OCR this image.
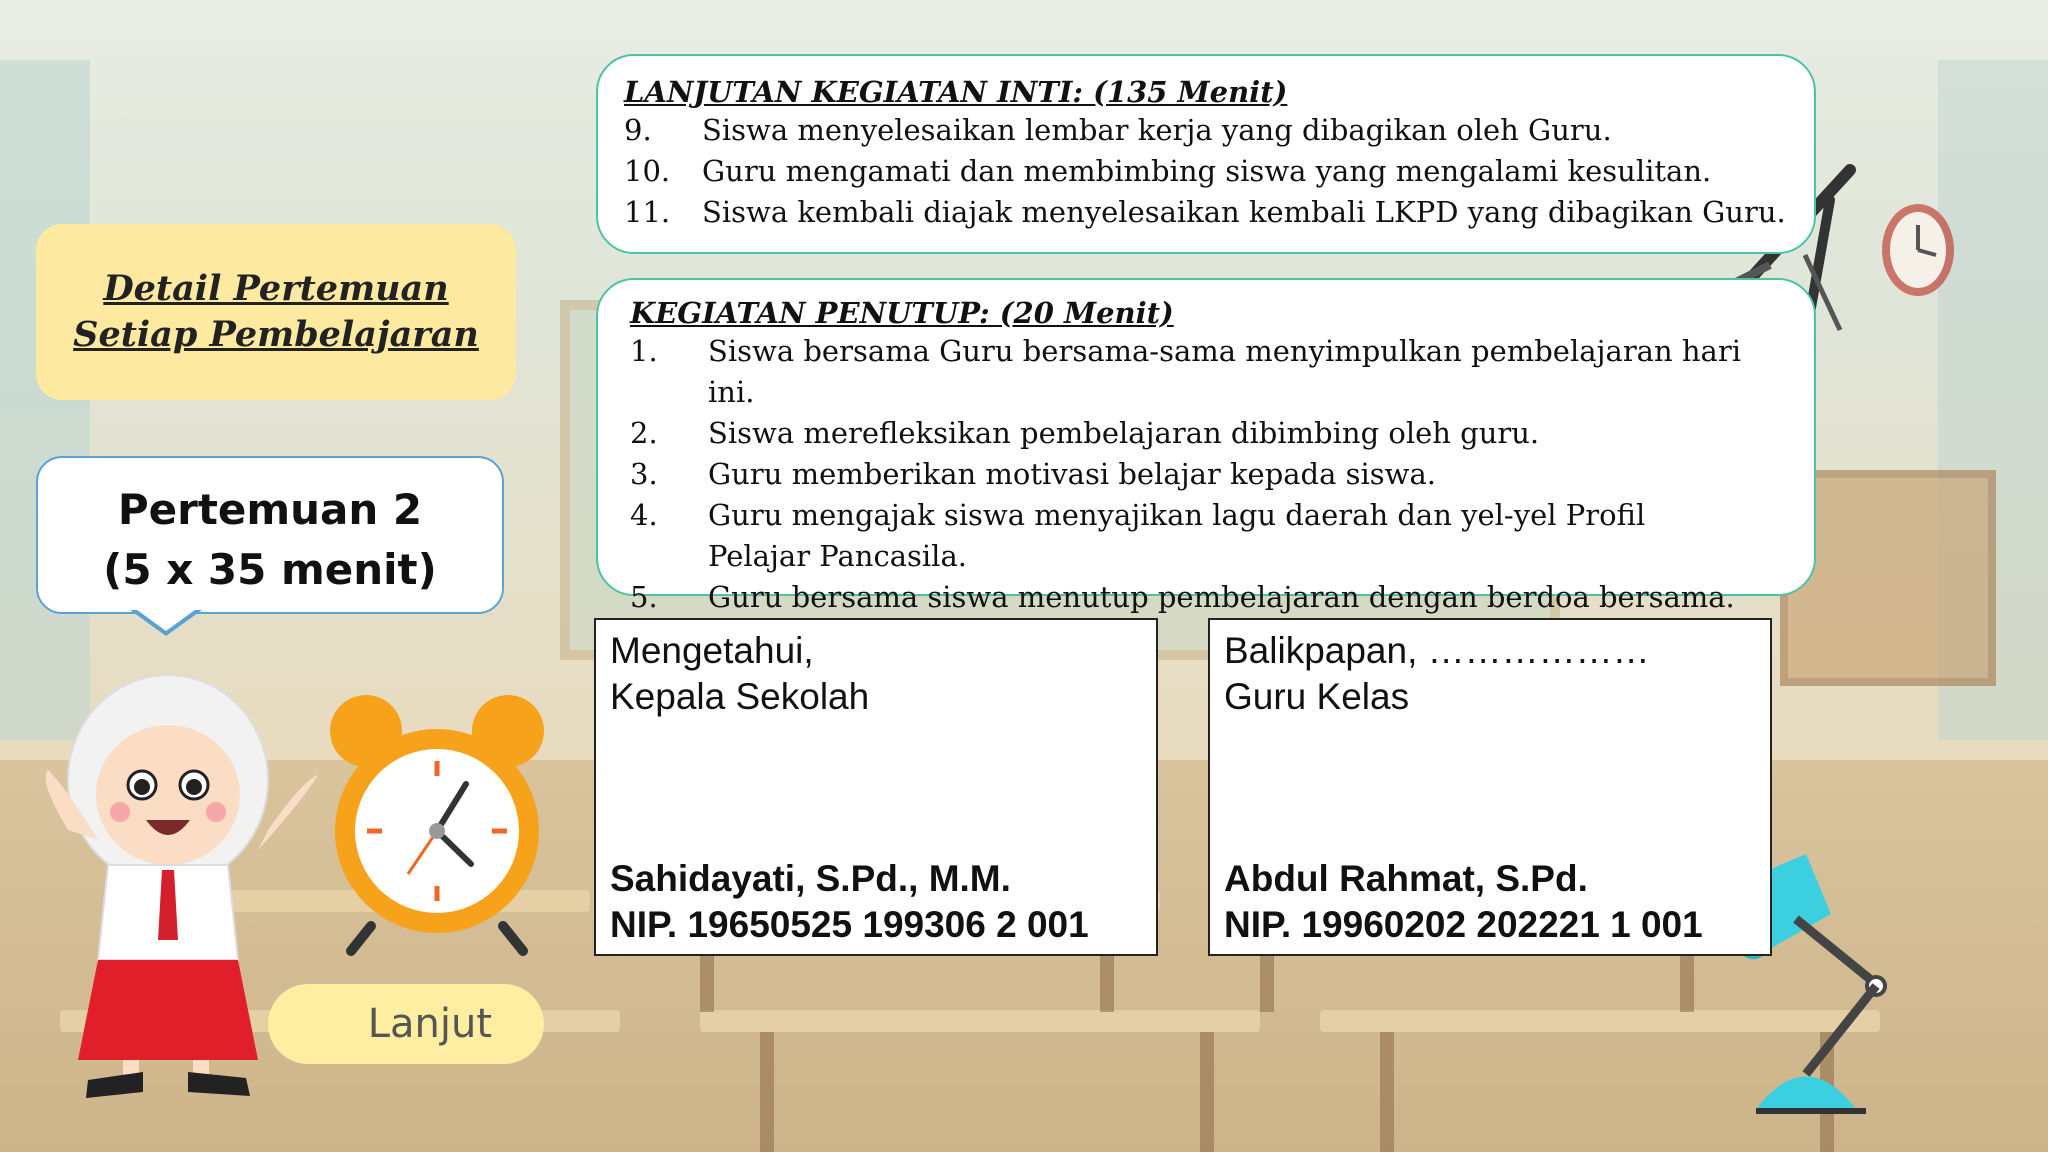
Detail Pertemuan
Setiap Pembelajaran
Pertemuan 2
(5 x 35 menit)
LANJUTAN KEGIATAN INTI: (135 Menit)
9.	Siswa menyelesaikan lembar kerja yang dibagikan oleh Guru.
10.	Guru mengamati dan membimbing siswa yang mengalami kesulitan.
11.	Siswa kembali diajak menyelesaikan kembali LKPD yang dibagikan Guru.
KEGIATAN PENUTUP: (20 Menit)
1.	Siswa bersama Guru bersama-sama menyimpulkan pembelajaran hari ini.
2.	Siswa merefleksikan pembelajaran dibimbing oleh guru.
3.	Guru memberikan motivasi belajar kepada siswa.
4.	Guru mengajak siswa menyajikan lagu daerah dan yel-yel Profil Pelajar Pancasila.
5.	Guru bersama siswa menutup pembelajaran dengan berdoa bersama.
Mengetahui,
Kepala Sekolah
Sahidayati, S.Pd., M.M.
NIP. 19650525 199306 2 001
Balikpapan, ………………
Guru Kelas
Abdul Rahmat, S.Pd.
NIP. 19960202 202221 1 001
Lanjut
